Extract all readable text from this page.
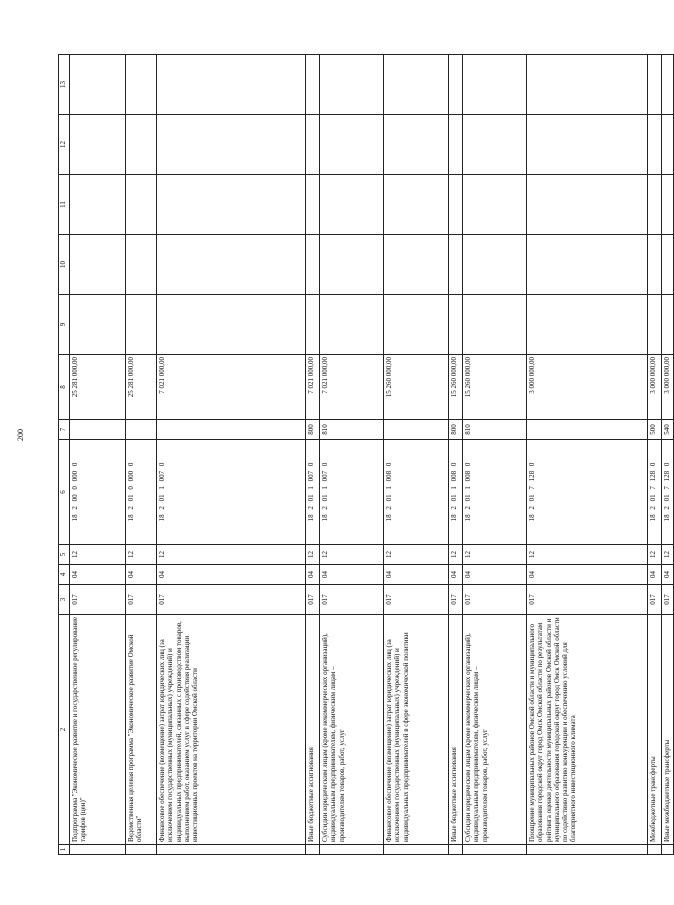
200
1	2	3	4	5	6	7	8	9	10	11	12	13
	Подпрограмма "Экономическое развитие и государственное регулирование тарифов (цен)"	017	04	12	18 2 00 0 000 0		25 281 000,00					
	Ведомственная целевая программа "Экономическое развитие Омской области"	017	04	12	18 2 01 0 000 0		25 281 000,00					
	Финансовое обеспечение (возмещение) затрат юридических лиц (за исключением государственных (муниципальных) учреждений) и индивидуальных предпринимателей, связанных с производством товаров, выполнением работ, оказанием услуг в сфере содействия реализации инвестиционных проектов на территории Омской области	017	04	12	18 2 01 1 007 0		7 021 000,00					
	Иные бюджетные ассигнования	017	04	12	18 2 01 1 007 0	800	7 021 000,00					
	Субсидии юридическим лицам (кроме некоммерческих организаций), индивидуальным предпринимателям, физическим лицам – производителям товаров, работ, услуг	017	04	12	18 2 01 1 007 0	810	7 021 000,00					
	Финансовое обеспечение (возмещение) затрат юридических лиц (за исключением государственных (муниципальных) учреждений) и индивидуальных предпринимателей в сфере экономической политики	017	04	12	18 2 01 1 008 0		15 260 000,00					
	Иные бюджетные ассигнования	017	04	12	18 2 01 1 008 0	800	15 260 000,00					
	Субсидии юридическим лицам (кроме некоммерческих организаций), индивидуальным предпринимателям, физическим лицам – производителям товаров, работ, услуг	017	04	12	18 2 01 1 008 0	810	15 260 000,00					
	Поощрение муниципальных районов Омской области и муниципального образования городской округ город Омск Омской области по результатам рейтинга оценки деятельности муниципальных районов Омской области и муниципального образования городской округ город Омск Омской области по содействию развитию конкуренции и обеспечению условий для благоприятного инвестиционного климата	017	04	12	18 2 01 7 128 0		3 000 000,00					
	Межбюджетные трансферты	017	04	12	18 2 01 7 128 0	500	3 000 000,00					
	Иные межбюджетные трансферты	017	04	12	18 2 01 7 128 0	540	3 000 000,00					
